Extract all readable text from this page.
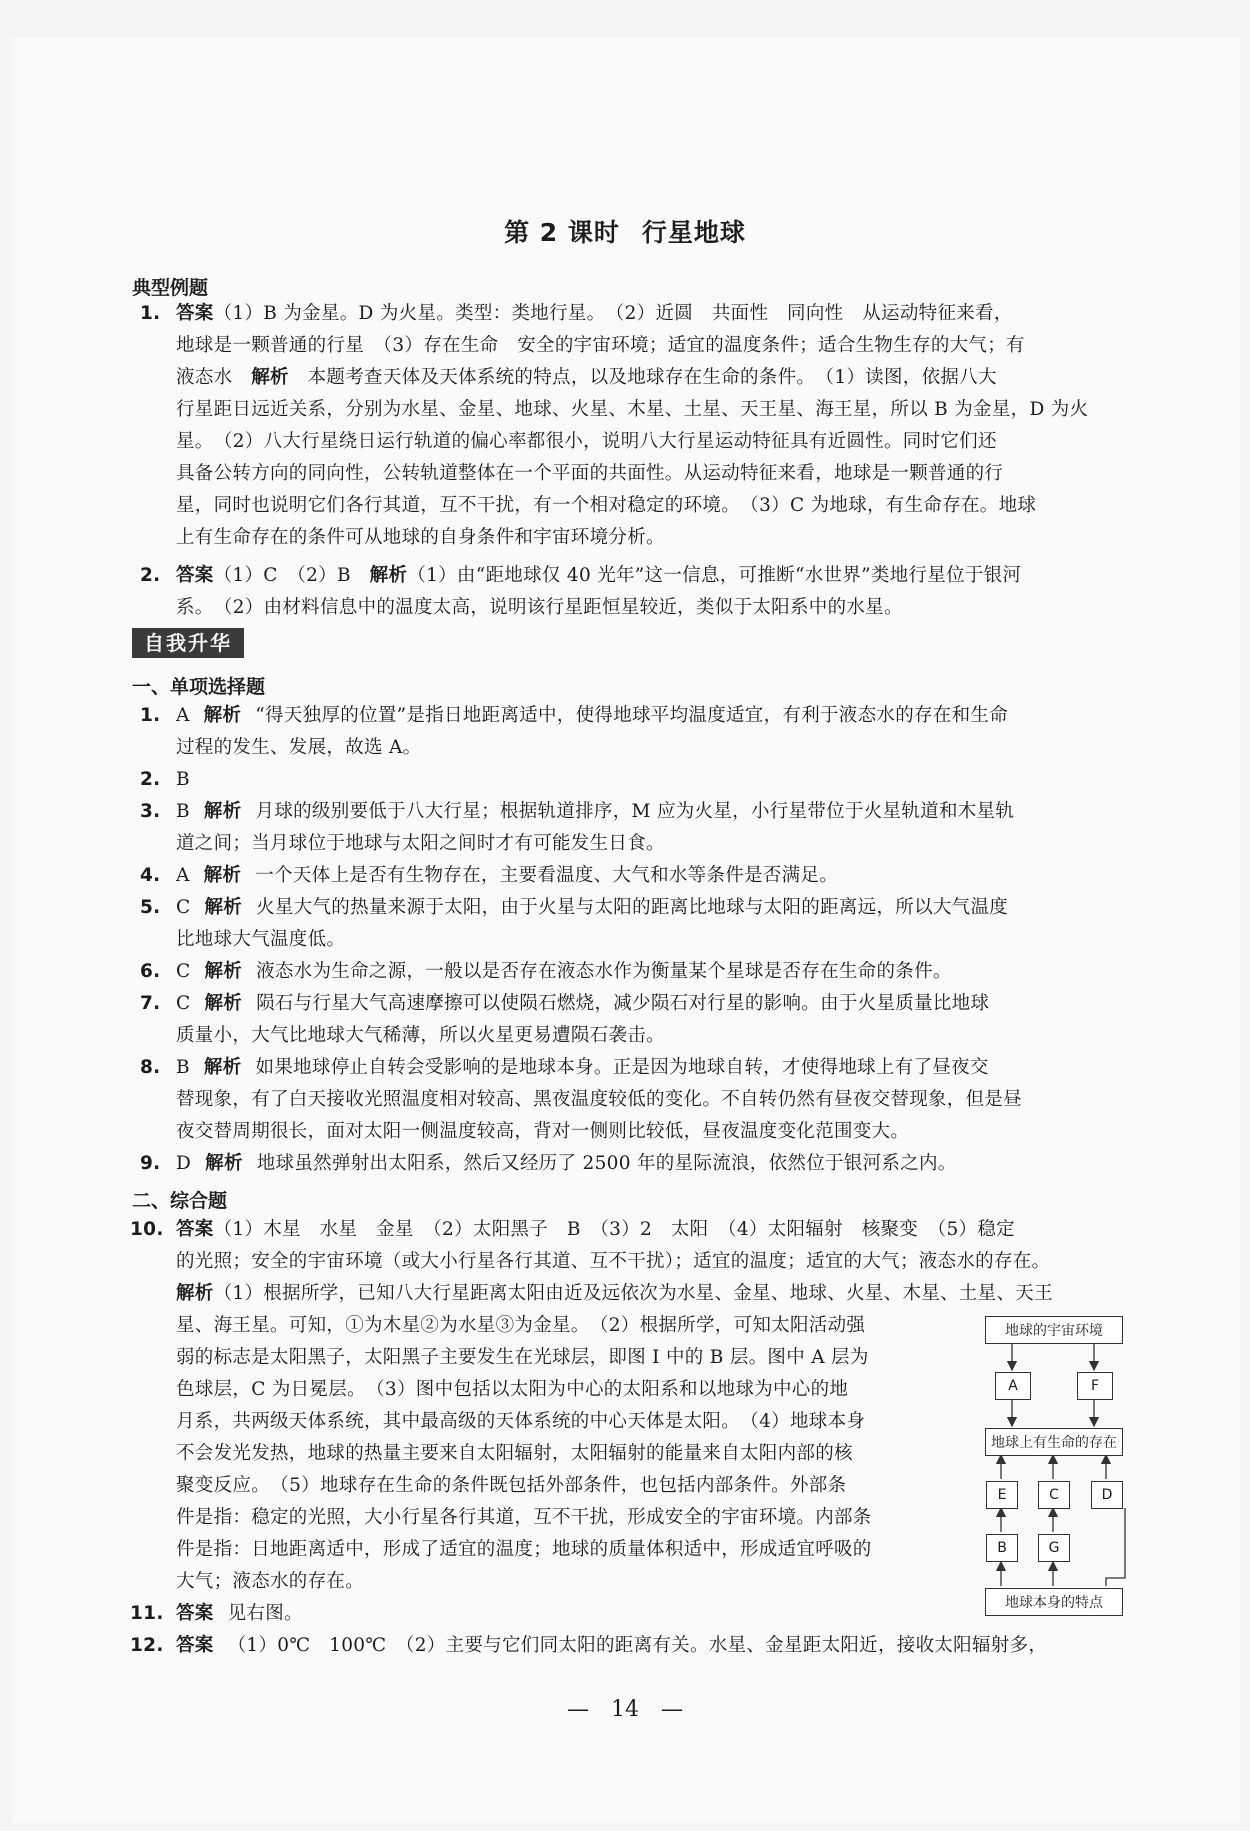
第 2 课时 行星地球
典型例题
1. 答案（1）B 为金星。D 为火星。类型：类地行星。　（2）近圆　共面性　同向性　从运动特征来看，
地球是一颗普通的行星　（3）存在生命　安全的宇宙环境；适宜的温度条件；适合生物生存的大气；有
液态水　解析　本题考查天体及天体系统的特点，以及地球存在生命的条件。　（1）读图，依据八大
行星距日远近关系，分别为水星、金星、地球、火星、木星、土星、天王星、海王星，所以 B 为金星，D 为火
星。　（2）八大行星绕日运行轨道的偏心率都很小，说明八大行星运动特征具有近圆性。同时它们还
具备公转方向的同向性，公转轨道整体在一个平面的共面性。从运动特征来看，地球是一颗普通的行
星，同时也说明它们各行其道，互不干扰，有一个相对稳定的环境。　（3）C 为地球，有生命存在。地球
上有生命存在的条件可从地球的自身条件和宇宙环境分析。
2. 答案（1）C　（2）B　解析（1）由“距地球仅 40 光年”这一信息，可推断“水世界”类地行星位于银河
系。　（2）由材料信息中的温度太高，说明该行星距恒星较近，类似于太阳系中的水星。
自我升华
一、单项选择题
1. A 解析 “得天独厚的位置”是指日地距离适中，使得地球平均温度适宜，有利于液态水的存在和生命
过程的发生、发展，故选 A。
2. B
3. B 解析 月球的级别要低于八大行星；根据轨道排序，M 应为火星，小行星带位于火星轨道和木星轨
道之间；当月球位于地球与太阳之间时才有可能发生日食。
4. A 解析 一个天体上是否有生物存在，主要看温度、大气和水等条件是否满足。
5. C 解析 火星大气的热量来源于太阳，由于火星与太阳的距离比地球与太阳的距离远，所以大气温度
比地球大气温度低。
6. C 解析 液态水为生命之源，一般以是否存在液态水作为衡量某个星球是否存在生命的条件。
7. C 解析 陨石与行星大气高速摩擦可以使陨石燃烧，减少陨石对行星的影响。由于火星质量比地球
质量小，大气比地球大气稀薄，所以火星更易遭陨石袭击。
8. B 解析 如果地球停止自转会受影响的是地球本身。正是因为地球自转，才使得地球上有了昼夜交
替现象，有了白天接收光照温度相对较高、黑夜温度较低的变化。不自转仍然有昼夜交替现象，但是昼
夜交替周期很长，面对太阳一侧温度较高，背对一侧则比较低，昼夜温度变化范围变大。
9. D 解析 地球虽然弹射出太阳系，然后又经历了 2500 年的星际流浪，依然位于银河系之内。
二、综合题
10. 答案（1）木星　水星　金星　（2）太阳黑子　B　（3）2　太阳　（4）太阳辐射　核聚变　（5）稳定
的光照；安全的宇宙环境（或大小行星各行其道、互不干扰）；适宜的温度；适宜的大气；液态水的存在。
解析（1）根据所学，已知八大行星距离太阳由近及远依次为水星、金星、地球、火星、木星、土星、天王
星、海王星。可知，①为木星②为水星③为金星。　（2）根据所学，可知太阳活动强
弱的标志是太阳黑子，太阳黑子主要发生在光球层，即图 Ⅰ 中的 B 层。图中 A 层为
色球层，C 为日冕层。　（3）图中包括以太阳为中心的太阳系和以地球为中心的地
月系，共两级天体系统，其中最高级的天体系统的中心天体是太阳。　（4）地球本身
不会发光发热，地球的热量主要来自太阳辐射，太阳辐射的能量来自太阳内部的核
聚变反应。　（5）地球存在生命的条件既包括外部条件，也包括内部条件。外部条
件是指：稳定的光照，大小行星各行其道，互不干扰，形成安全的宇宙环境。内部条
件是指：日地距离适中，形成了适宜的温度；地球的质量体积适中，形成适宜呼吸的
大气；液态水的存在。
11. 答案 见右图。
12. 答案 （1）0℃　100℃　（2）主要与它们同太阳的距离有关。水星、金星距太阳近，接收太阳辐射多，
地球的宇宙环境
A	F
地球上有生命的存在
E	C	D
B	G
地球本身的特点
—　14　—
